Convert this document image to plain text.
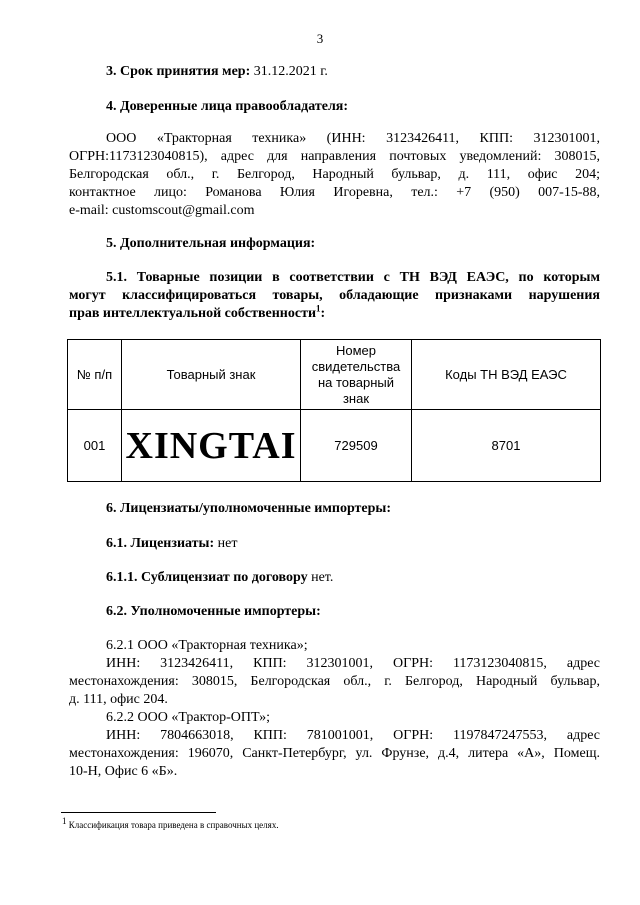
3
3. Срок принятия мер: 31.12.2021 г.
4. Доверенные лица правообладателя:
ООО «Тракторная техника» (ИНН: 3123426411, КПП: 312301001,
ОГРН:1173123040815), адрес для направления почтовых уведомлений: 308015,
Белгородская обл., г. Белгород, Народный бульвар, д. 111, офис 204;
контактное лицо: Романова Юлия Игоревна, тел.: +7 (950) 007-15-88,
e-mail: customscout@gmail.com
5. Дополнительная информация:
5.1. Товарные позиции в соответствии с ТН ВЭД ЕАЭС, по которым
могут классифицироваться товары, обладающие признаками нарушения
прав интеллектуальной собственности$^1$:
№ п/п	Товарный знак	Номер свидетельства на товарный знак	Коды ТН ВЭД ЕАЭС
001	XINGTAI	729509	8701
6. Лицензиаты/уполномоченные импортеры:
6.1. Лицензиаты: нет
6.1.1. Сублицензиат по договору нет.
6.2. Уполномоченные импортеры:
6.2.1 ООО «Тракторная техника»;
ИНН: 3123426411, КПП: 312301001, ОГРН: 1173123040815, адрес
местонахождения: 308015, Белгородская обл., г. Белгород, Народный бульвар,
д. 111, офис 204.
6.2.2 ООО «Трактор-ОПТ»;
ИНН: 7804663018, КПП: 781001001, ОГРН: 1197847247553, адрес
местонахождения: 196070, Санкт-Петербург, ул. Фрунзе, д.4, литера «А», Помещ.
10-Н, Офис 6 «Б».
$^1$ Классификация товара приведена в справочных целях.
